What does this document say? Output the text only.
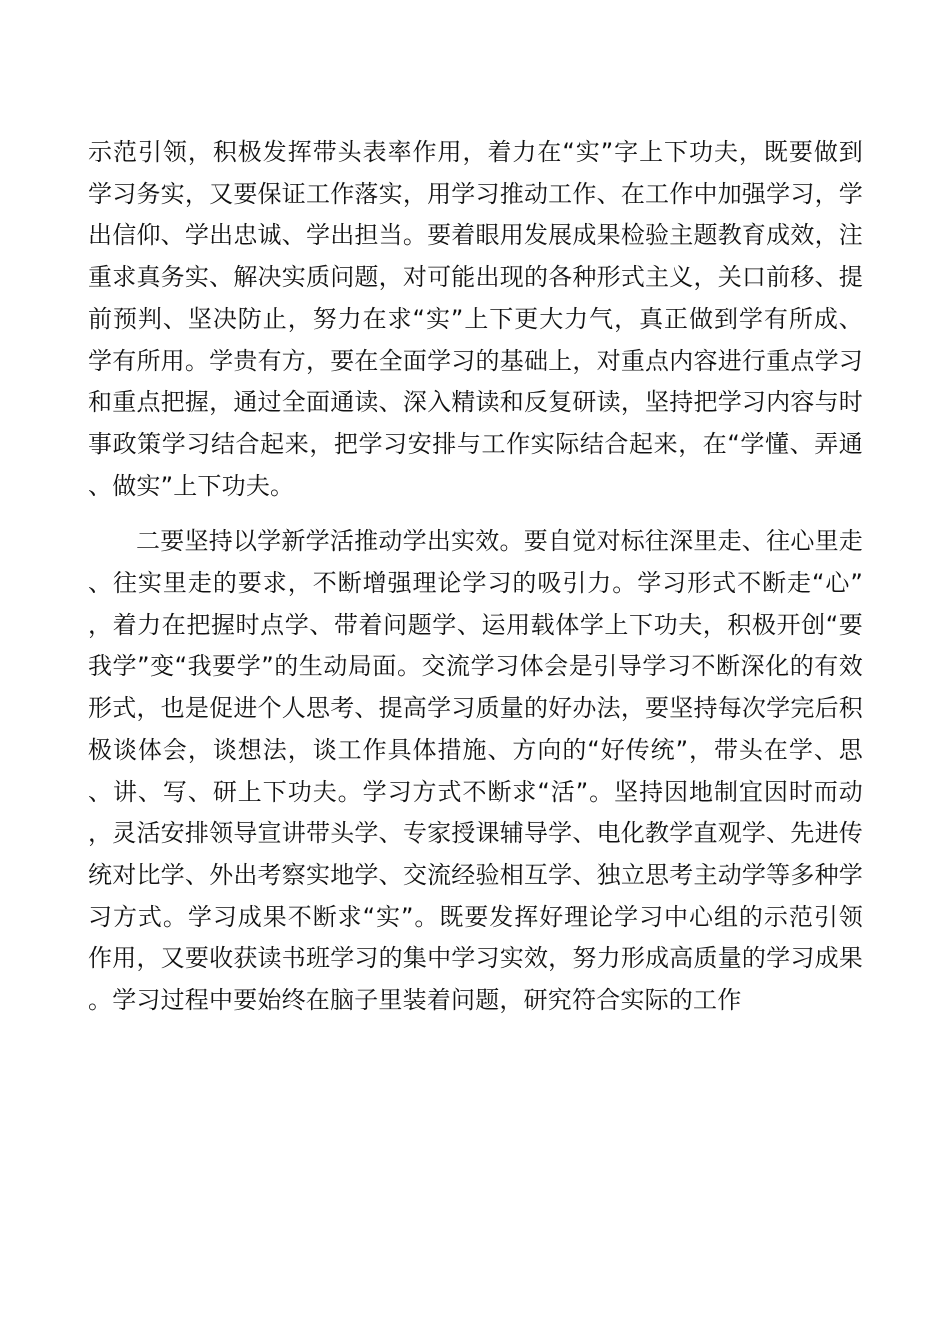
示范引领，积极发挥带头表率作用，着力在“实”字上下功夫，既要做到学习务实，又要保证工作落实，用学习推动工作、在工作中加强学习，学出信仰、学出忠诚、学出担当。要着眼用发展成果检验主题教育成效，注重求真务实、解决实质问题，对可能出现的各种形式主义，关口前移、提前预判、坚决防止，努力在求“实”上下更大力气，真正做到学有所成、学有所用。学贵有方，要在全面学习的基础上，对重点内容进行重点学习和重点把握，通过全面通读、深入精读和反复研读，坚持把学习内容与时事政策学习结合起来，把学习安排与工作实际结合起来，在“学懂、弄通、做实”上下功夫。

二要坚持以学新学活推动学出实效。要自觉对标往深里走、往心里走、往实里走的要求，不断增强理论学习的吸引力。学习形式不断走“心”，着力在把握时点学、带着问题学、运用载体学上下功夫，积极开创“要我学”变“我要学”的生动局面。交流学习体会是引导学习不断深化的有效形式，也是促进个人思考、提高学习质量的好办法，要坚持每次学完后积极谈体会，谈想法，谈工作具体措施、方向的“好传统”，带头在学、思、讲、写、研上下功夫。学习方式不断求“活”。坚持因地制宜因时而动，灵活安排领导宣讲带头学、专家授课辅导学、电化教学直观学、先进传统对比学、外出考察实地学、交流经验相互学、独立思考主动学等多种学习方式。学习成果不断求“实”。既要发挥好理论学习中心组的示范引领作用，又要收获读书班学习的集中学习实效，努力形成高质量的学习成果。学习过程中要始终在脑子里装着问题，研究符合实际的工作
